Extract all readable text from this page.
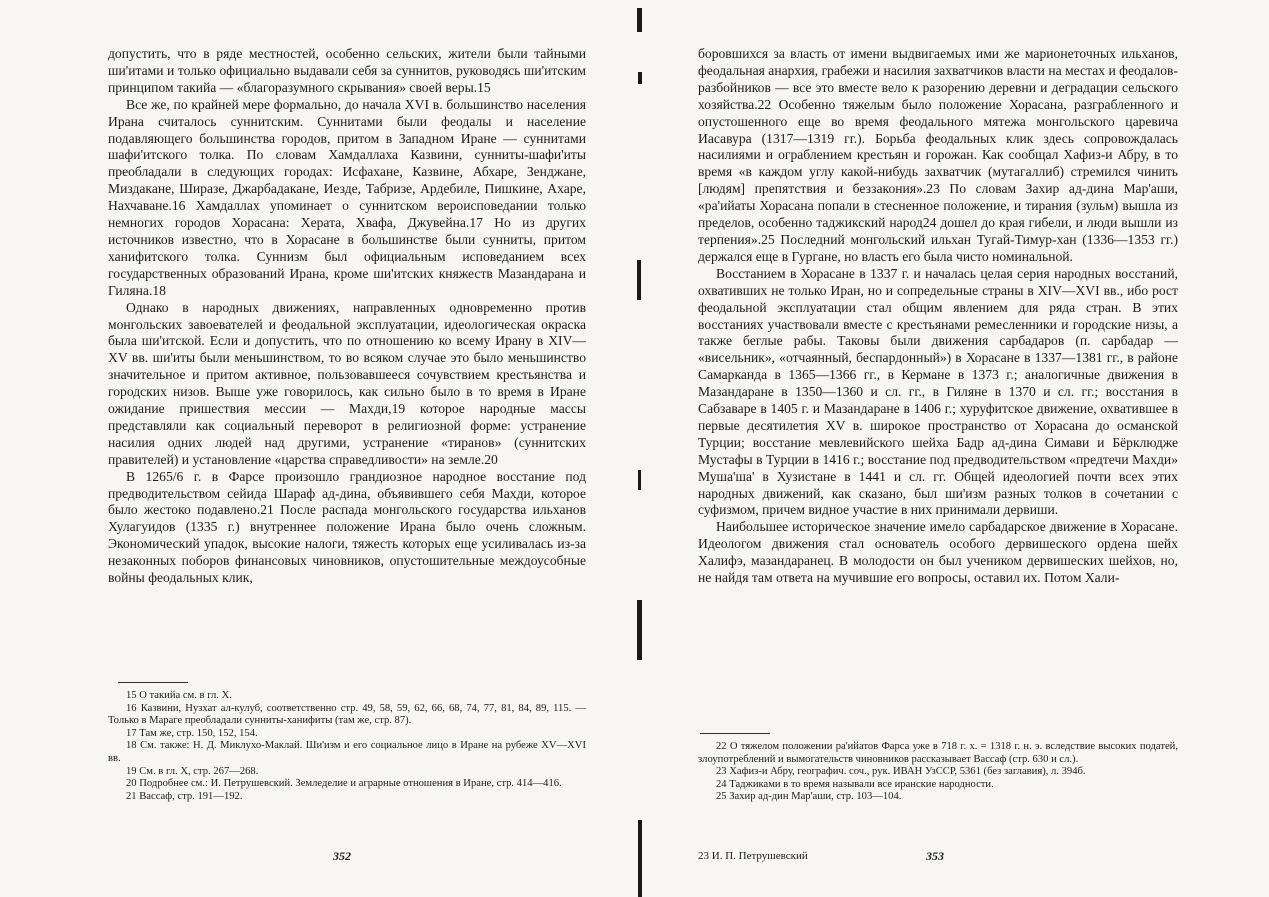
допустить, что в ряде местностей, особенно сельских, жители были тайными ши'итами и только официально выдавали себя за суннитов, руководясь ши'итским принципом такийа — «благоразумного скрывания» своей веры.15

Все же, по крайней мере формально, до начала XVI в. большинство населения Ирана считалось суннитским. Суннитами были феодалы и население подавляющего большинства городов, притом в Западном Иране — суннитами шафи'итского толка. По словам Хамдаллаха Казвини, сунниты-шафи'иты преобладали в следующих городах: Исфахане, Казвине, Абхаре, Зенджане, Миздакане, Ширазе, Джарбадакане, Иезде, Табризе, Ардебиле, Пишкине, Ахаре, Нахчаване.16 Хамдаллах упоминает о суннитском вероисповедании только немногих городов Хорасана: Херата, Хвафа, Джувейна.17 Но из других источников известно, что в Хорасане в большинстве были сунниты, притом ханифитского толка. Суннизм был официальным исповеданием всех государственных образований Ирана, кроме ши'итских княжеств Мазандарана и Гиляна.18

Однако в народных движениях, направленных одновременно против монгольских завоевателей и феодальной эксплуатации, идеологическая окраска была ши'итской. Если и допустить, что по отношению ко всему Ирану в XIV—XV вв. ши'иты были меньшинством, то во всяком случае это было меньшинство значительное и притом активное, пользовавшееся сочувствием крестьянства и городских низов. Выше уже говорилось, как сильно было в то время в Иране ожидание пришествия мессии — Махди,19 которое народные массы представляли как социальный переворот в религиозной форме: устранение насилия одних людей над другими, устранение «тиранов» (суннитских правителей) и установление «царства справедливости» на земле.20

В 1265/6 г. в Фарсе произошло грандиозное народное восстание под предводительством сейида Шараф ад-дина, объявившего себя Махди, которое было жестоко подавлено.21 После распада монгольского государства ильханов Хулагуидов (1335 г.) внутреннее положение Ирана было очень сложным. Экономический упадок, высокие налоги, тяжесть которых еще усиливалась из-за незаконных поборов финансовых чиновников, опустошительные междоусобные войны феодальных клик,

15 О такийа см. в гл. X.

16 Казвини, Нузхат ал-кулуб, соответственно стр. 49, 58, 59, 62, 66, 68, 74, 77, 81, 84, 89, 115. — Только в Мараге преобладали сунниты-ханифиты (там же, стр. 87).

17 Там же, стр. 150, 152, 154.

18 См. также: Н. Д. Миклухо-Маклай. Ши'изм и его социальное лицо в Иране на рубеже XV—XVI вв.

19 См. в гл. X, стр. 267—268.

20 Подробнее см.: И. Петрушевский. Земледелие и аграрные отношения в Иране, стр. 414—416.

21 Вассаф, стр. 191—192.

352

боровшихся за власть от имени выдвигаемых ими же марионеточных ильханов, феодальная анархия, грабежи и насилия захватчиков власти на местах и феодалов-разбойников — все это вместе вело к разорению деревни и деградации сельского хозяйства.22 Особенно тяжелым было положение Хорасана, разграбленного и опустошенного еще во время феодального мятежа монгольского царевича Иасавура (1317—1319 гг.). Борьба феодальных клик здесь сопровождалась насилиями и ограблением крестьян и горожан. Как сообщал Хафиз-и Абру, в то время «в каждом углу какой-нибудь захватчик (мутагаллиб) стремился чинить [людям] препятствия и беззакония».23 По словам Захир ад-дина Мар'аши, «ра'ийаты Хорасана попали в стесненное положение, и тирания (зульм) вышла из пределов, особенно таджикский народ24 дошел до края гибели, и люди вышли из терпения».25 Последний монгольский ильхан Тугай-Тимур-хан (1336—1353 гг.) держался еще в Гургане, но власть его была чисто номинальной.

Восстанием в Хорасане в 1337 г. и началась целая серия народных восстаний, охвативших не только Иран, но и сопредельные страны в XIV—XVI вв., ибо рост феодальной эксплуатации стал общим явлением для ряда стран. В этих восстаниях участвовали вместе с крестьянами ремесленники и городские низы, а также беглые рабы. Таковы были движения сарбадаров (п. сарбадар — «висельник», «отчаянный, беспардонный») в Хорасане в 1337—1381 гг., в районе Самарканда в 1365—1366 гг., в Кермане в 1373 г.; аналогичные движения в Мазандаране в 1350—1360 и сл. гг., в Гиляне в 1370 и сл. гг.; восстания в Сабзаваре в 1405 г. и Мазандаране в 1406 г.; хуруфитское движение, охватившее в первые десятилетия XV в. широкое пространство от Хорасана до османской Турции; восстание мевлевийского шейха Бадр ад-дина Симави и Бёрклюдже Мустафы в Турции в 1416 г.; восстание под предводительством «предтечи Махди» Муша'ша' в Хузистане в 1441 и сл. гг. Общей идеологией почти всех этих народных движений, как сказано, был ши'изм разных толков в сочетании с суфизмом, причем видное участие в них принимали дервиши.

Наибольшее историческое значение имело сарбадарское движение в Хорасане. Идеологом движения стал основатель особого дервишеского ордена шейх Халифэ, мазандаранец. В молодости он был учеником дервишеских шейхов, но, не найдя там ответа на мучившие его вопросы, оставил их. Потом Хали-

22 О тяжелом положении ра'ийатов Фарса уже в 718 г. х. = 1318 г. н. э. вследствие высоких податей, злоупотреблений и вымогательств чиновников рассказывает Вассаф (стр. 630 и сл.).

23 Хафиз-и Абру, географич. соч., рук. ИВАН УзССР, 5361 (без заглавия), л. 394б.

24 Таджиками в то время называли все иранские народности.

25 Захир ад-дин Мар'аши, стр. 103—104.

23 И. П. Петрушевский	353
